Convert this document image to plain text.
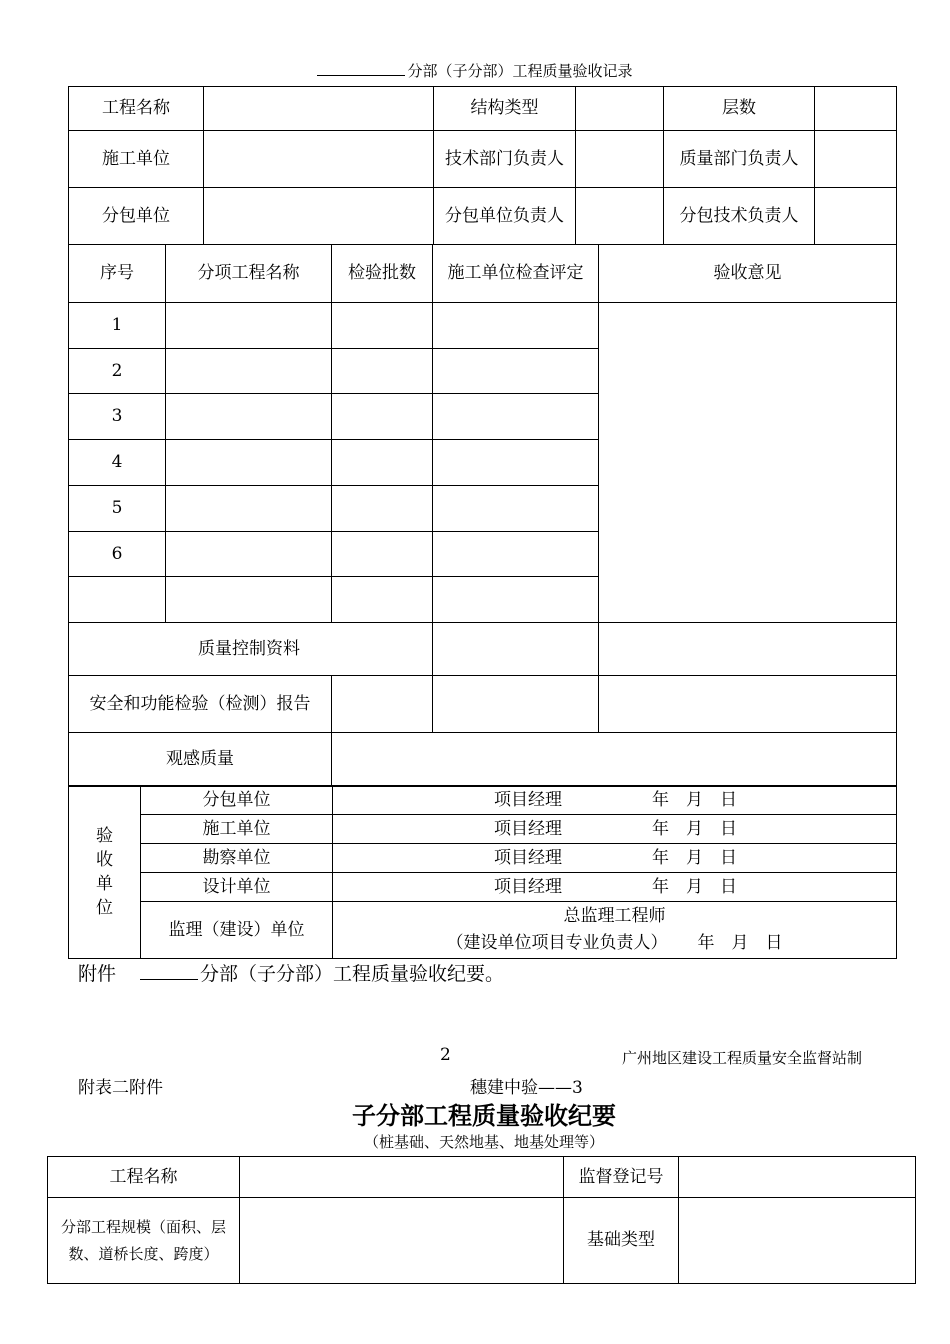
分部（子分部）工程质量验收记录
工程名称		结构类型		层数	
施工单位		技术部门负责人		质量部门负责人	
分包单位		分包单位负责人		分包技术负责人	
序号	分项工程名称	检验批数	施工单位检查评定	验收意见
1				
2				
3				
4				
5				
6				

质量控制资料				
安全和功能检验（检测）报告				
观感质量				
验收单位	分包单位	项目经理 年　月　日
	施工单位	项目经理 年　月　日
	勘察单位	项目经理 年　月　日
	设计单位	项目经理 年　月　日
	监理（建设）单位	总监理工程师
（建设单位项目专业负责人） 年　月　日
附件	分部（子分部）工程质量验收纪要。
2	广州地区建设工程质量安全监督站制
附表二附件	穗建中验——3
子分部工程质量验收纪要
（桩基础、天然地基、地基处理等）
工程名称		监督登记号	
分部工程规模（面积、层数、道桥长度、跨度）		基础类型	
